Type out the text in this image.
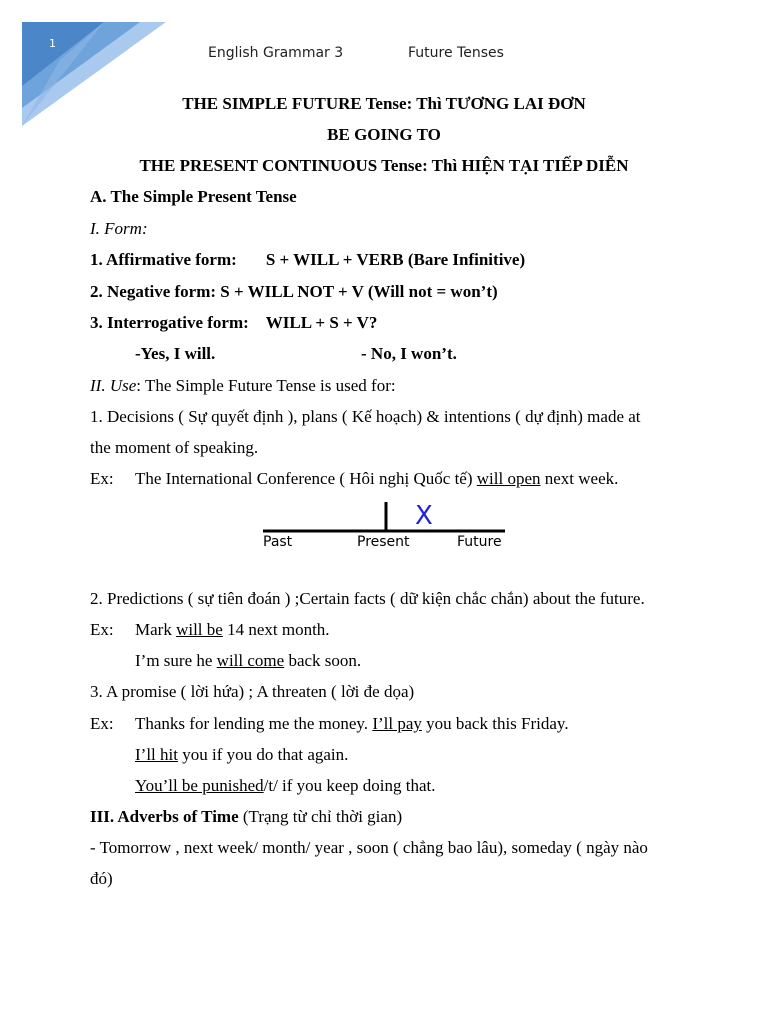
1
English Grammar 3	Future Tenses
THE SIMPLE FUTURE Tense: Thì TƯƠNG LAI ĐƠN
BE GOING TO
THE PRESENT CONTINUOUS Tense: Thì HIỆN TẠI TIẾP DIỄN
A. The Simple Present Tense
I. Form:
1. Affirmative form: S + WILL + VERB (Bare Infinitive)
2. Negative form: S + WILL NOT + V (Will not = won’t)
3. Interrogative form: WILL + S + V?
-Yes, I will.	- No, I won’t.
II. Use: The Simple Future Tense is used for:
1. Decisions ( Sự quyết định ), plans ( Kế hoạch) & intentions ( dự định) made at
the moment of speaking.
Ex: The International Conference ( Hôi nghị Quốc tế) will open next week.
X
Past	Present	Future
2. Predictions ( sự tiên đoán ) ;Certain facts ( dữ kiện chắc chắn) about the future.
Ex: Mark will be 14 next month.
I’m sure he will come back soon.
3. A promise ( lời hứa) ; A threaten ( lời đe dọa)
Ex: Thanks for lending me the money. I’ll pay you back this Friday.
I’ll hit you if you do that again.
You’ll be punished/t/ if you keep doing that.
III. Adverbs of Time (Trạng từ chỉ thời gian)
- Tomorrow , next week/ month/ year , soon ( chẳng bao lâu), someday ( ngày nào
đó)
